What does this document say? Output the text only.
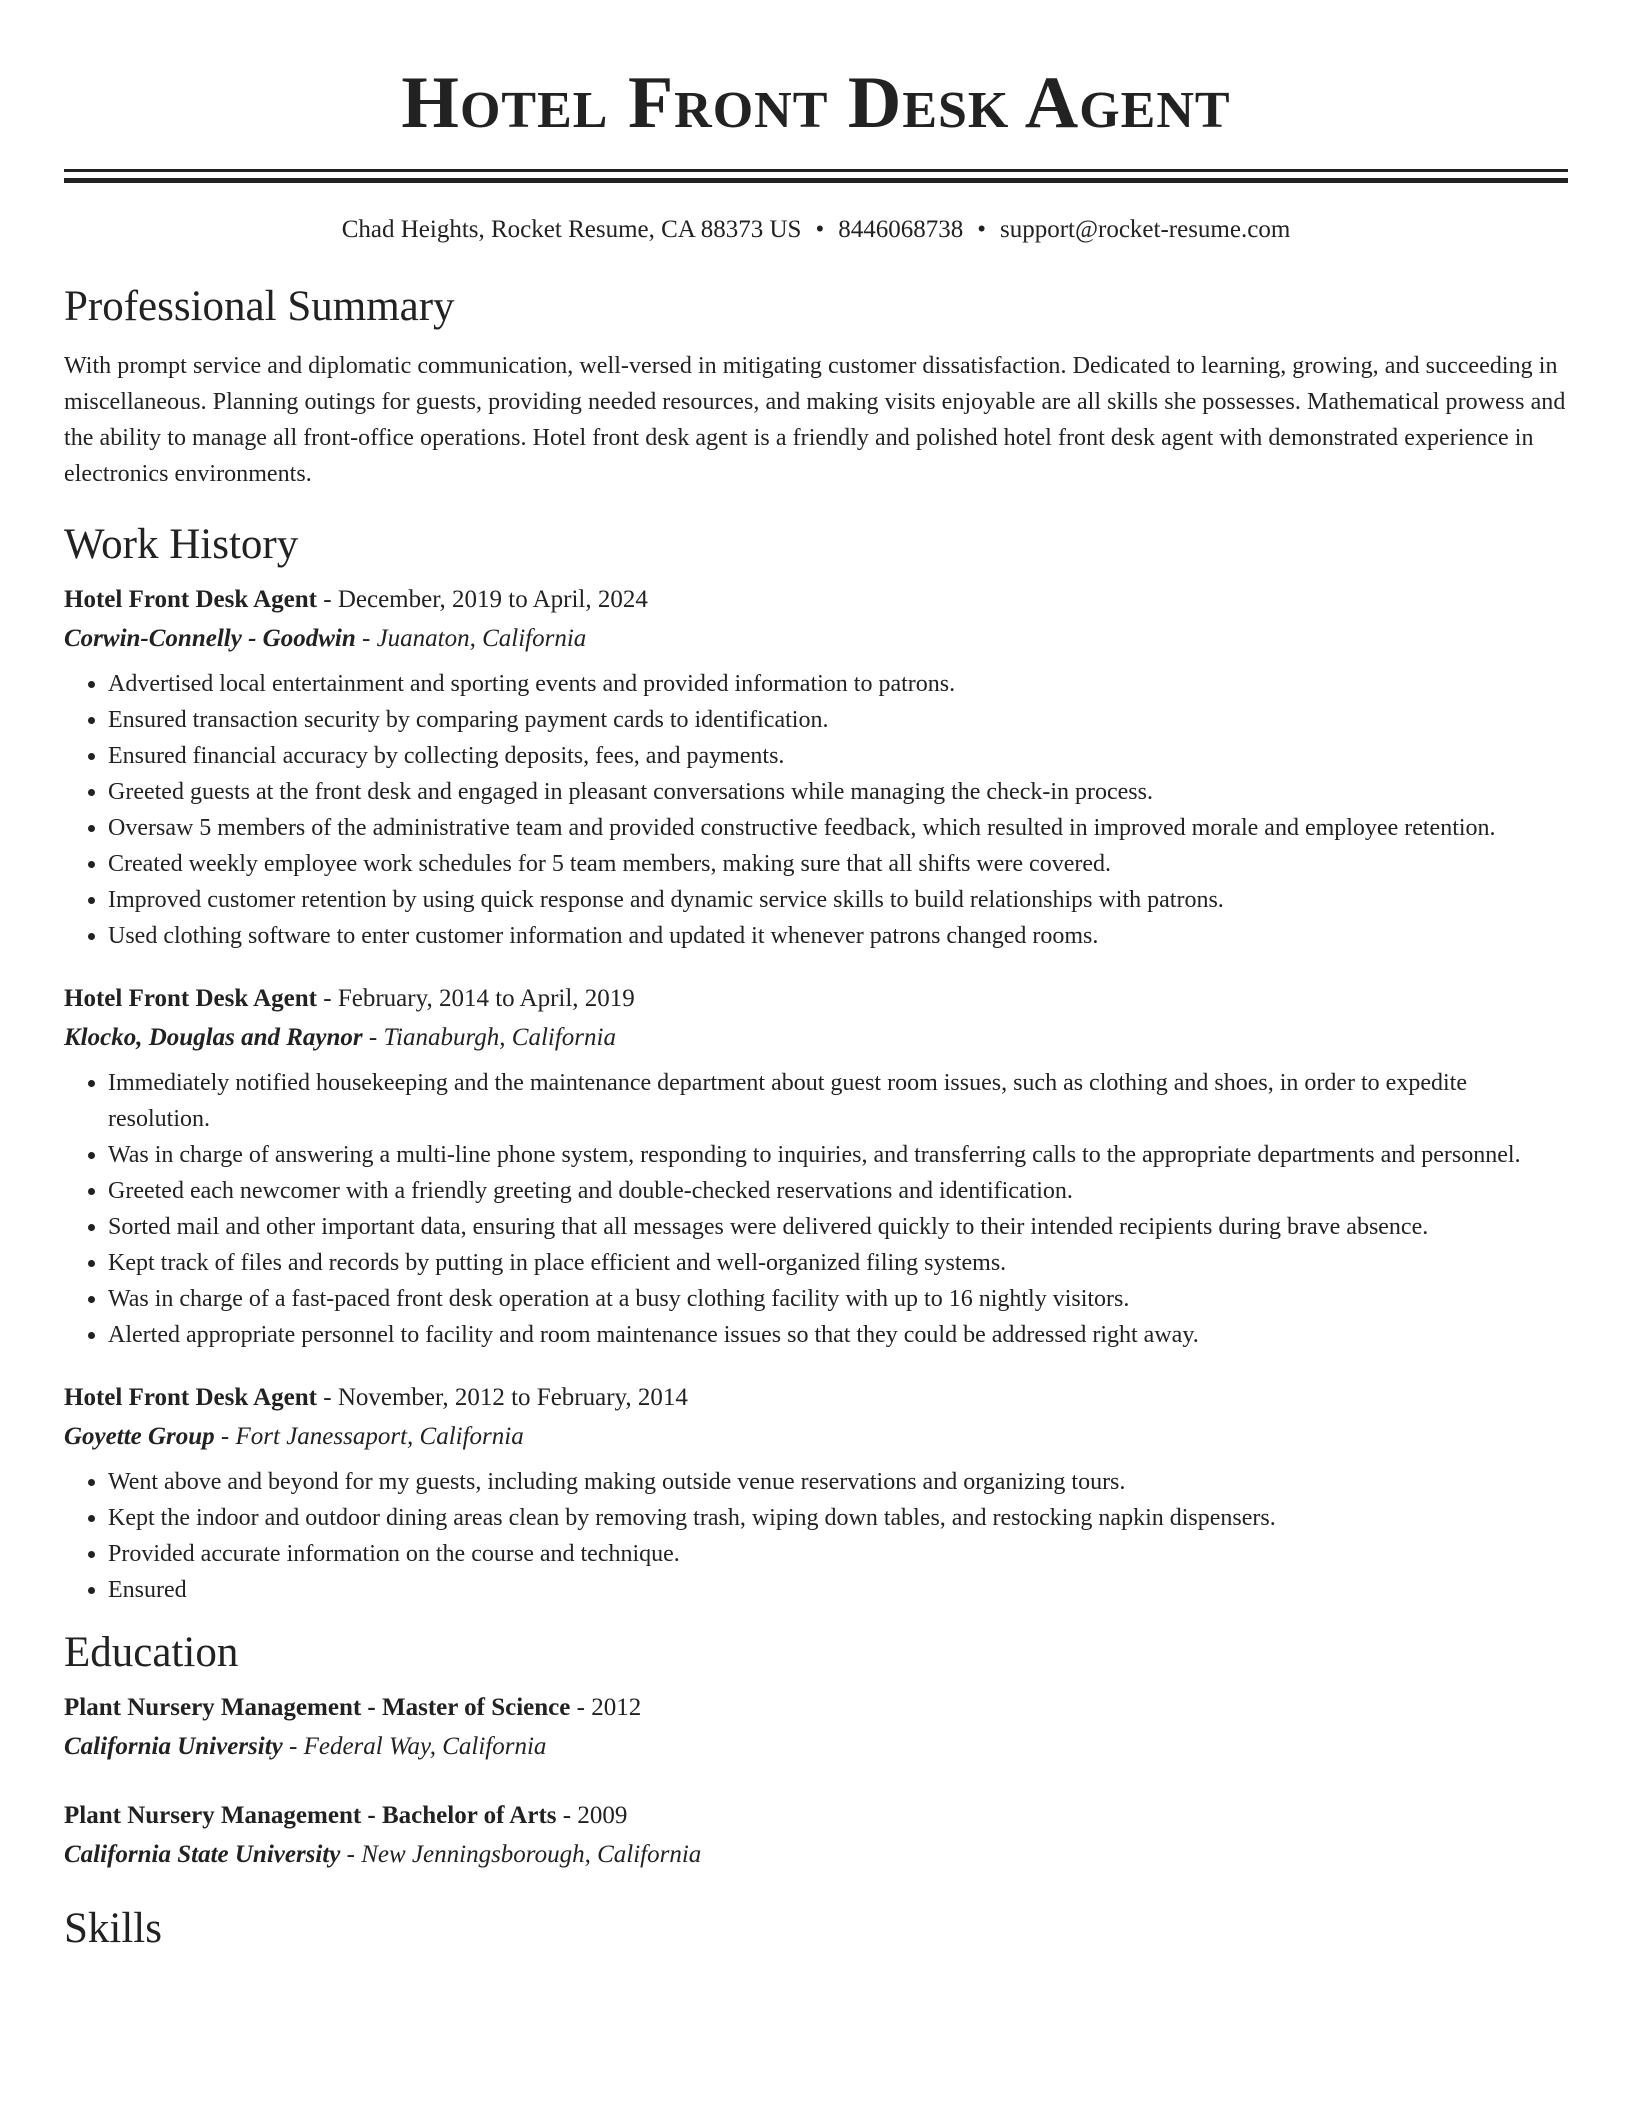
Hotel Front Desk Agent
Chad Heights, Rocket Resume, CA 88373 US • 8446068738 • support@rocket-resume.com
Professional Summary
With prompt service and diplomatic communication, well-versed in mitigating customer dissatisfaction. Dedicated to learning, growing, and succeeding in miscellaneous. Planning outings for guests, providing needed resources, and making visits enjoyable are all skills she possesses. Mathematical prowess and the ability to manage all front-office operations. Hotel front desk agent is a friendly and polished hotel front desk agent with demonstrated experience in electronics environments.
Work History
Hotel Front Desk Agent - December, 2019 to April, 2024
Corwin-Connelly - Goodwin - Juanaton, California
• Advertised local entertainment and sporting events and provided information to patrons.
• Ensured transaction security by comparing payment cards to identification.
• Ensured financial accuracy by collecting deposits, fees, and payments.
• Greeted guests at the front desk and engaged in pleasant conversations while managing the check-in process.
• Oversaw 5 members of the administrative team and provided constructive feedback, which resulted in improved morale and employee retention.
• Created weekly employee work schedules for 5 team members, making sure that all shifts were covered.
• Improved customer retention by using quick response and dynamic service skills to build relationships with patrons.
• Used clothing software to enter customer information and updated it whenever patrons changed rooms.
Hotel Front Desk Agent - February, 2014 to April, 2019
Klocko, Douglas and Raynor - Tianaburgh, California
• Immediately notified housekeeping and the maintenance department about guest room issues, such as clothing and shoes, in order to expedite resolution.
• Was in charge of answering a multi-line phone system, responding to inquiries, and transferring calls to the appropriate departments and personnel.
• Greeted each newcomer with a friendly greeting and double-checked reservations and identification.
• Sorted mail and other important data, ensuring that all messages were delivered quickly to their intended recipients during brave absence.
• Kept track of files and records by putting in place efficient and well-organized filing systems.
• Was in charge of a fast-paced front desk operation at a busy clothing facility with up to 16 nightly visitors.
• Alerted appropriate personnel to facility and room maintenance issues so that they could be addressed right away.
Hotel Front Desk Agent - November, 2012 to February, 2014
Goyette Group - Fort Janessaport, California
• Went above and beyond for my guests, including making outside venue reservations and organizing tours.
• Kept the indoor and outdoor dining areas clean by removing trash, wiping down tables, and restocking napkin dispensers.
• Provided accurate information on the course and technique.
• Ensured
Education
Plant Nursery Management - Master of Science - 2012
California University - Federal Way, California
Plant Nursery Management - Bachelor of Arts - 2009
California State University - New Jenningsborough, California
Skills
